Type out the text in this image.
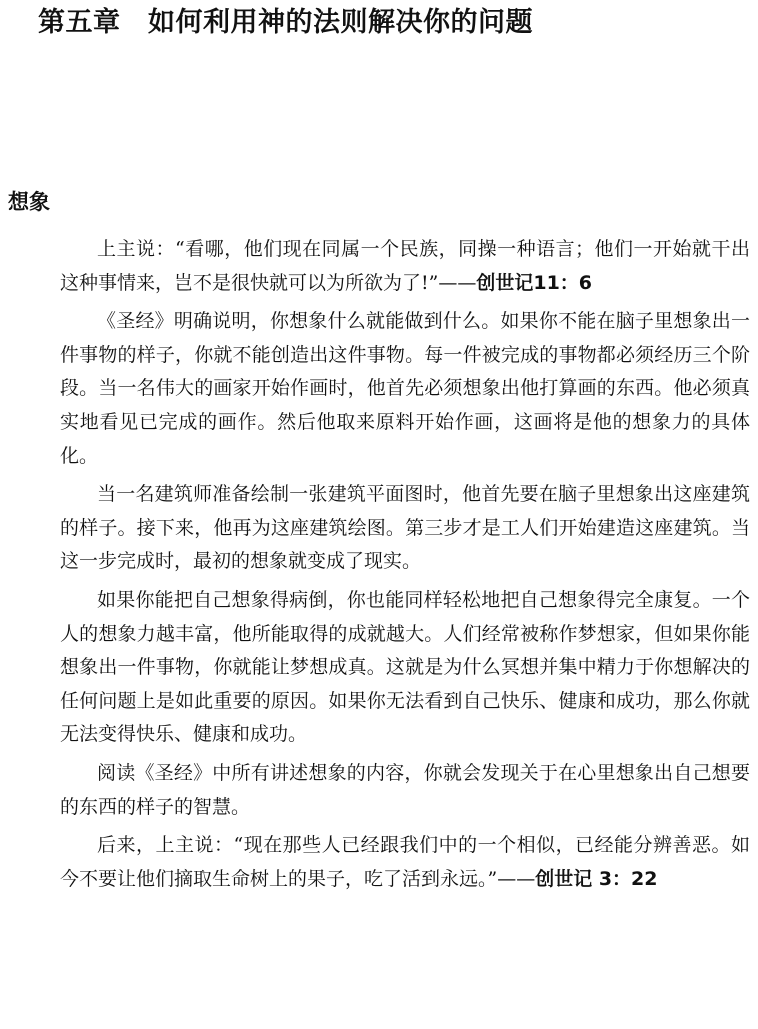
第五章　如何利用神的法则解决你的问题
想象

上主说：“看哪，他们现在同属一个民族，同操一种语言；他们一开始就干出这种事情来，岂不是很快就可以为所欲为了!”——创世记11：6

《圣经》明确说明，你想象什么就能做到什么。如果你不能在脑子里想象出一件事物的样子，你就不能创造出这件事物。每一件被完成的事物都必须经历三个阶段。当一名伟大的画家开始作画时，他首先必须想象出他打算画的东西。他必须真实地看见已完成的画作。然后他取来原料开始作画，这画将是他的想象力的具体化。

当一名建筑师准备绘制一张建筑平面图时，他首先要在脑子里想象出这座建筑的样子。接下来，他再为这座建筑绘图。第三步才是工人们开始建造这座建筑。当这一步完成时，最初的想象就变成了现实。

如果你能把自己想象得病倒，你也能同样轻松地把自己想象得完全康复。一个人的想象力越丰富，他所能取得的成就越大。人们经常被称作梦想家，但如果你能想象出一件事物，你就能让梦想成真。这就是为什么冥想并集中精力于你想解决的任何问题上是如此重要的原因。如果你无法看到自己快乐、健康和成功，那么你就无法变得快乐、健康和成功。

阅读《圣经》中所有讲述想象的内容，你就会发现关于在心里想象出自己想要的东西的样子的智慧。

后来，上主说：“现在那些人已经跟我们中的一个相似，已经能分辨善恶。如今不要让他们摘取生命树上的果子，吃了活到永远。”——创世记 3：22
